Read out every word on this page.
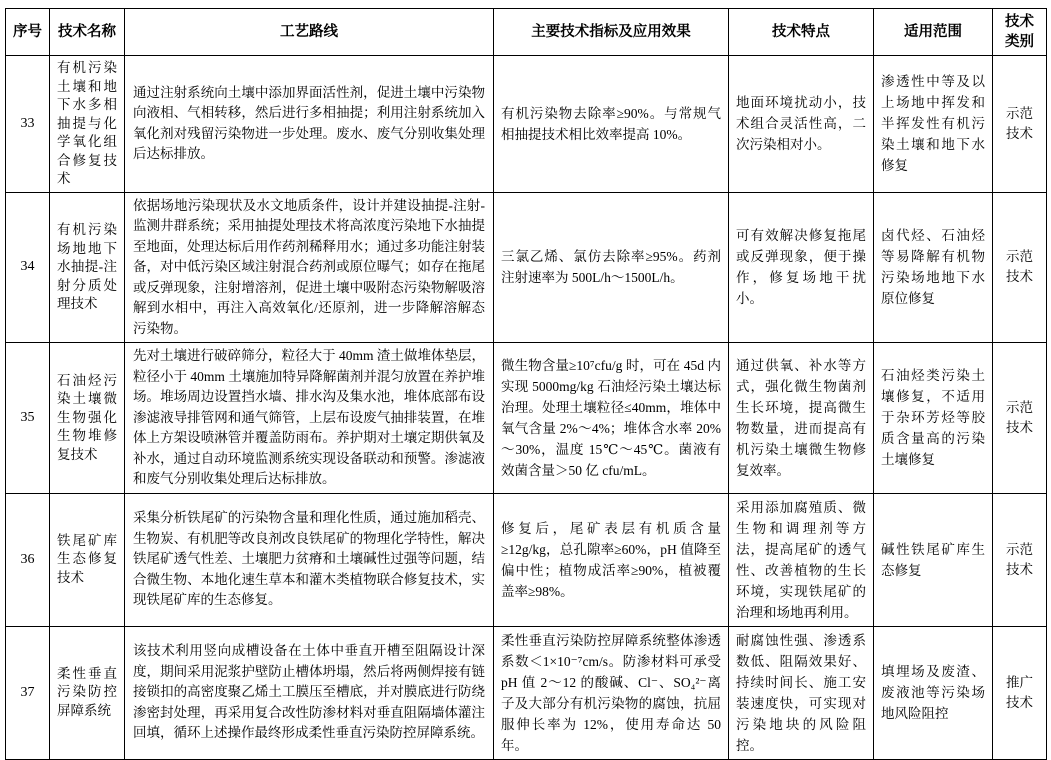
序号	技术名称	工艺路线	主要技术指标及应用效果	技术特点	适用范围	技术
类别
33	有机污染土壤和地下水多相抽提与化学氧化组合修复技术	通过注射系统向土壤中添加界面活性剂，促进土壤中污染物向液相、气相转移，然后进行多相抽提；利用注射系统加入氧化剂对残留污染物进一步处理。废水、废气分别收集处理后达标排放。	有机污染物去除率≥90%。与常规气相抽提技术相比效率提高 10%。	地面环境扰动小，技术组合灵活性高，二次污染相对小。	渗透性中等及以上场地中挥发和半挥发性有机污染土壤和地下水修复	示范
技术
34	有机污染场地地下水抽提-注射分质处理技术	依据场地污染现状及水文地质条件，设计并建设抽提-注射-监测井群系统；采用抽提处理技术将高浓度污染地下水抽提至地面，处理达标后用作药剂稀释用水；通过多功能注射装备，对中低污染区域注射混合药剂或原位曝气；如存在拖尾或反弹现象，注射增溶剂，促进土壤中吸附态污染物解吸溶解到水相中，再注入高效氧化/还原剂，进一步降解溶解态污染物。	三氯乙烯、氯仿去除率≥95%。药剂注射速率为 500L/h～1500L/h。	可有效解决修复拖尾或反弹现象，便于操作，修复场地干扰小。	卤代烃、石油烃等易降解有机物污染场地地下水原位修复	示范
技术
35	石油烃污染土壤微生物强化生物堆修复技术	先对土壤进行破碎筛分，粒径大于 40mm 渣土做堆体垫层，粒径小于 40mm 土壤施加特异降解菌剂并混匀放置在养护堆场。堆场周边设置挡水墙、排水沟及集水池，堆体底部布设渗滤液导排管网和通气筛管，上层布设废气抽排装置，在堆体上方架设喷淋管并覆盖防雨布。养护期对土壤定期供氧及补水，通过自动环境监测系统实现设备联动和预警。渗滤液和废气分别收集处理后达标排放。	微生物含量≥10⁷cfu/g 时，可在 45d 内实现 5000mg/kg 石油烃污染土壤达标治理。处理土壤粒径≤40mm，堆体中氧气含量 2%～4%；堆体含水率 20%～30%，温度 15℃～45℃。菌液有效菌含量＞50 亿 cfu/mL。	通过供氧、补水等方式，强化微生物菌剂生长环境，提高微生物数量，进而提高有机污染土壤微生物修复效率。	石油烃类污染土壤修复，不适用于杂环芳烃等胶质含量高的污染土壤修复	示范
技术
36	铁尾矿库生态修复技术	采集分析铁尾矿的污染物含量和理化性质，通过施加稻壳、生物炭、有机肥等改良剂改良铁尾矿的物理化学特性，解决铁尾矿透气性差、土壤肥力贫瘠和土壤碱性过强等问题，结合微生物、本地化速生草本和灌木类植物联合修复技术，实现铁尾矿库的生态修复。	修复后，尾矿表层有机质含量≥12g/kg，总孔隙率≥60%，pH 值降至偏中性；植物成活率≥90%，植被覆盖率≥98%。	采用添加腐殖质、微生物和调理剂等方法，提高尾矿的透气性、改善植物的生长环境，实现铁尾矿的治理和场地再利用。	碱性铁尾矿库生态修复	示范
技术
37	柔性垂直污染防控屏障系统	该技术利用竖向成槽设备在土体中垂直开槽至阻隔设计深度，期间采用泥浆护壁防止槽体坍塌，然后将两侧焊接有链接锁扣的高密度聚乙烯土工膜压至槽底，并对膜底进行防绕渗密封处理，再采用复合改性防渗材料对垂直阻隔墙体灌注回填，循环上述操作最终形成柔性垂直污染防控屏障系统。	柔性垂直污染防控屏障系统整体渗透系数＜1×10⁻⁷cm/s。防渗材料可承受 pH 值 2～12 的酸碱、Cl⁻、SO₄²⁻离子及大部分有机污染物的腐蚀，抗屈服伸长率为 12%，使用寿命达 50 年。	耐腐蚀性强、渗透系数低、阻隔效果好、持续时间长、施工安装速度快，可实现对污染地块的风险阻控。	填埋场及废渣、废液池等污染场地风险阻控	推广
技术
